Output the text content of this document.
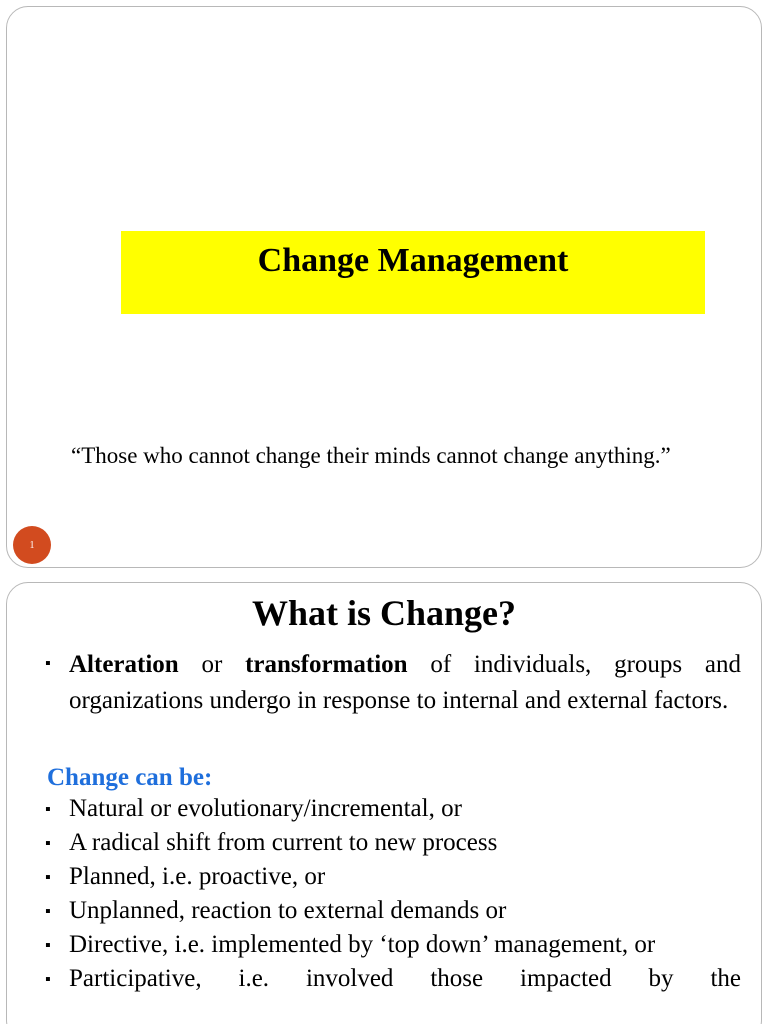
Change Management
“Those who cannot change their minds cannot change anything.”
1
What is Change?
▪ Alteration or transformation of individuals, groups and organizations undergo in response to internal and external factors.
Change can be:
▪ Natural or evolutionary/incremental, or
▪ A radical shift from current to new process
▪ Planned, i.e. proactive, or
▪ Unplanned, reaction to external demands or
▪ Directive, i.e. implemented by ‘top down’ management, or
▪ Participative, i.e. involved those impacted by the
